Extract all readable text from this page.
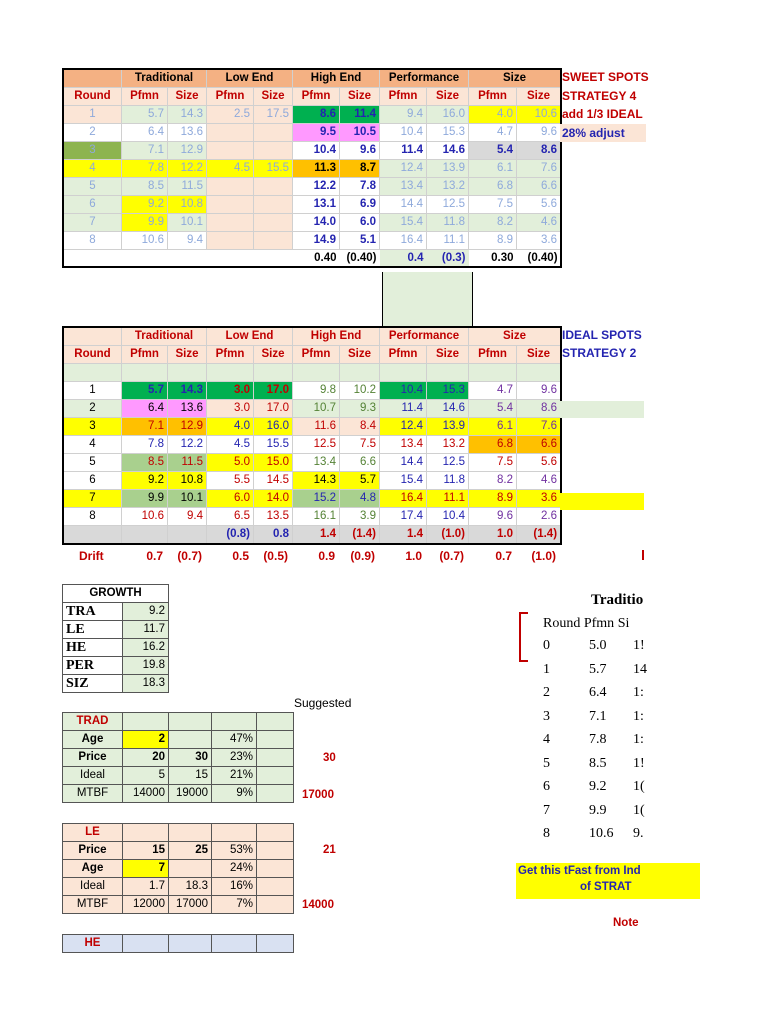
	Traditional		Low End		High End		Performance		Size	
Round	Pfmn	Size	Pfmn	Size	Pfmn	Size	Pfmn	Size	Pfmn	Size
1	5.7	14.3	2.5	17.5	8.6	11.4	9.4	16.0	4.0	10.6
2	6.4	13.6			9.5	10.5	10.4	15.3	4.7	9.6
3	7.1	12.9			10.4	9.6	11.4	14.6	5.4	8.6
4	7.8	12.2	4.5	15.5	11.3	8.7	12.4	13.9	6.1	7.6
5	8.5	11.5			12.2	7.8	13.4	13.2	6.8	6.6
6	9.2	10.8			13.1	6.9	14.4	12.5	7.5	5.6
7	9.9	10.1			14.0	6.0	15.4	11.8	8.2	4.6
8	10.6	9.4			14.9	5.1	16.4	11.1	8.9	3.6
					0.40	(0.40)	0.4	(0.3)	0.30	(0.40)
SWEET SPOTS
STRATEGY 4
add 1/3 IDEAL
28% adjust
	Traditional		Low End		High End		Performance		Size	
Round	Pfmn	Size	Pfmn	Size	Pfmn	Size	Pfmn	Size	Pfmn	Size

1	5.7	14.3	3.0	17.0	9.8	10.2	10.4	15.3	4.7	9.6
2	6.4	13.6	3.0	17.0	10.7	9.3	11.4	14.6	5.4	8.6
3	7.1	12.9	4.0	16.0	11.6	8.4	12.4	13.9	6.1	7.6
4	7.8	12.2	4.5	15.5	12.5	7.5	13.4	13.2	6.8	6.6
5	8.5	11.5	5.0	15.0	13.4	6.6	14.4	12.5	7.5	5.6
6	9.2	10.8	5.5	14.5	14.3	5.7	15.4	11.8	8.2	4.6
7	9.9	10.1	6.0	14.0	15.2	4.8	16.4	11.1	8.9	3.6
8	10.6	9.4	6.5	13.5	16.1	3.9	17.4	10.4	9.6	2.6
			(0.8)	0.8	1.4	(1.4)	1.4	(1.0)	1.0	(1.4)
IDEAL SPOTS
STRATEGY 2
GROWTH	
TRA	9.2
LE	11.7
HE	16.2
PER	19.8
SIZ	18.3
Suggested
TRAD				
Age	2		47%	
Price	20	30	23%	
Ideal	5	15	21%	
MTBF	14000	19000	9%	
30
17000
LE				
Price	15	25	53%	
Age	7		24%	
Ideal	1.7	18.3	16%	
MTBF	12000	17000	7%	
21
14000
HE				
Traditio
Round Pfmn Si
0	5.0 1!
1	5.7 14
2	6.4 1:
3	7.1 1:
4	7.8 1:
5	8.5 1!
6	9.2 1(
7	9.9 1(
8	10.6 9.
Get this tFast from Ind
of STRAT
Note
Drift	0.7	(0.7)	0.5	(0.5)	0.9	(0.9)	1.0	(0.7)	0.7	(1.0)
